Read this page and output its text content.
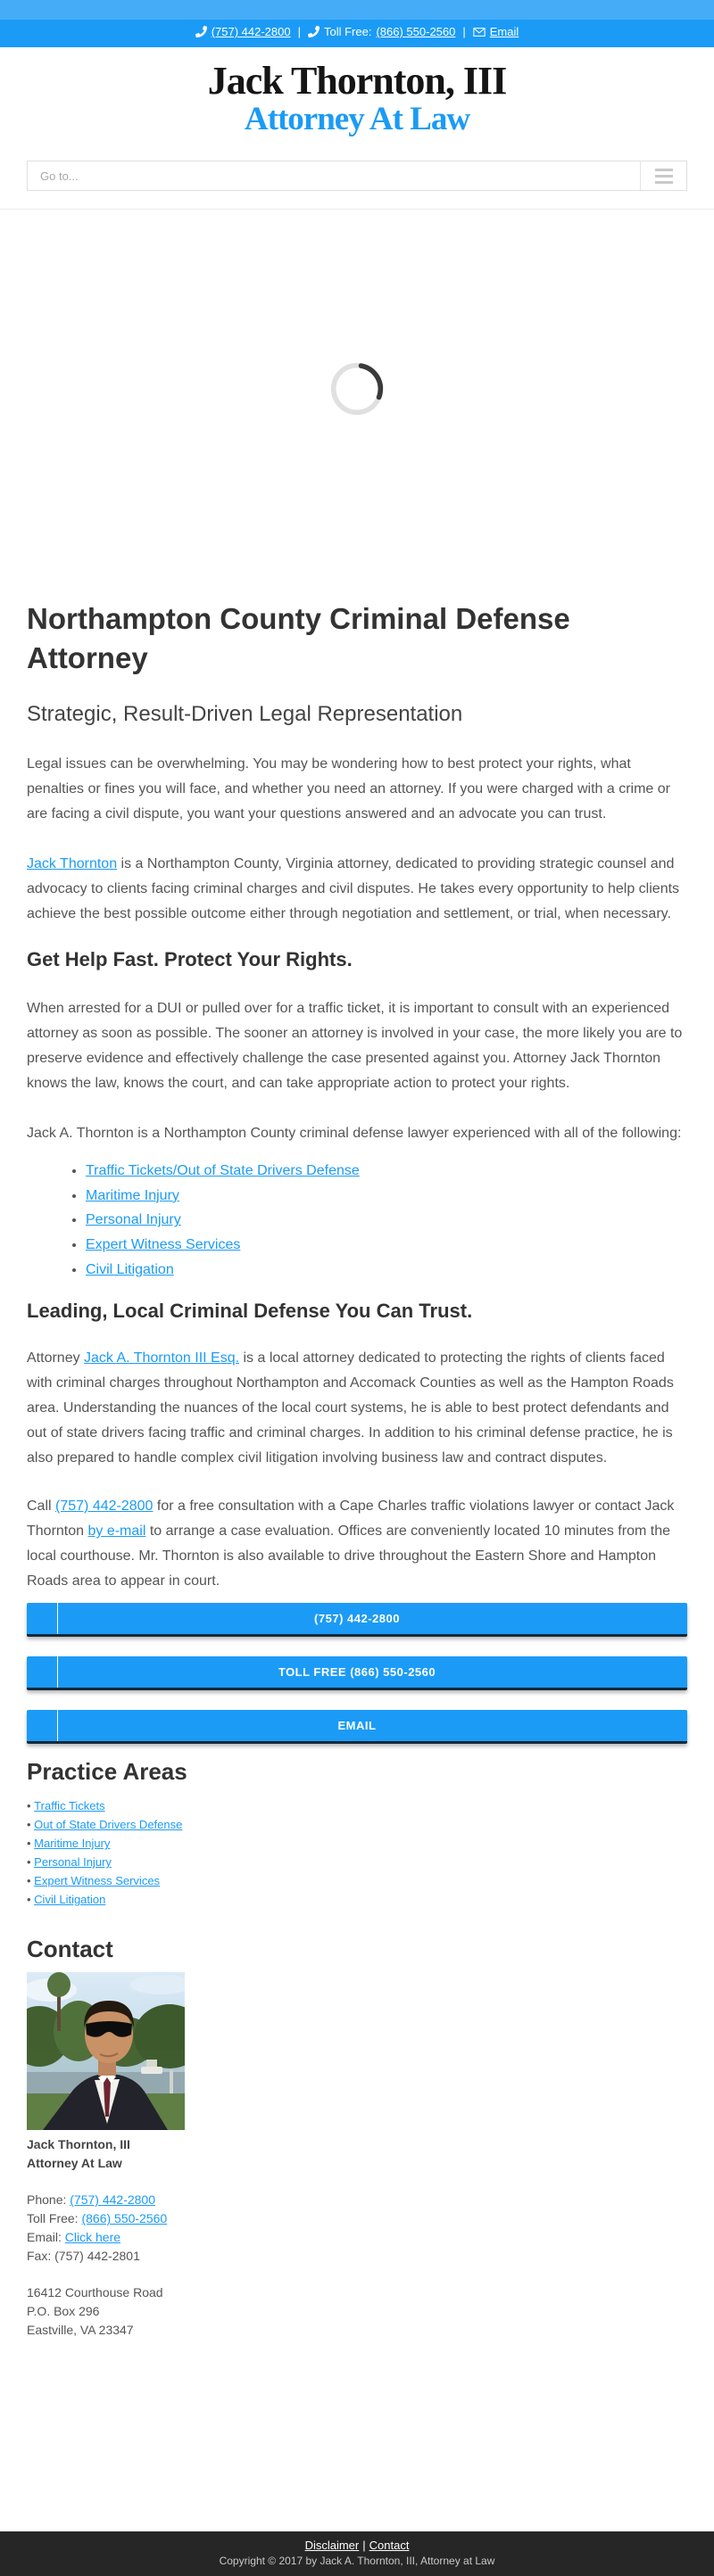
(757) 442-2800 | Toll Free: (866) 550-2560 | Email
Jack Thornton, III
Attorney At Law
Go to...
Northampton County Criminal Defense Attorney
Strategic, Result-Driven Legal Representation

Legal issues can be overwhelming. You may be wondering how to best protect your rights, what penalties or fines you will face, and whether you need an attorney. If you were charged with a crime or are facing a civil dispute, you want your questions answered and an advocate you can trust.

Jack Thornton is a Northampton County, Virginia attorney, dedicated to providing strategic counsel and advocacy to clients facing criminal charges and civil disputes. He takes every opportunity to help clients achieve the best possible outcome either through negotiation and settlement, or trial, when necessary.

Get Help Fast. Protect Your Rights.

When arrested for a DUI or pulled over for a traffic ticket, it is important to consult with an experienced attorney as soon as possible. The sooner an attorney is involved in your case, the more likely you are to preserve evidence and effectively challenge the case presented against you. Attorney Jack Thornton knows the law, knows the court, and can take appropriate action to protect your rights.

Jack A. Thornton is a Northampton County criminal defense lawyer experienced with all of the following:

• Traffic Tickets/Out of State Drivers Defense
• Maritime Injury
• Personal Injury
• Expert Witness Services
• Civil Litigation
Leading, Local Criminal Defense You Can Trust.

Attorney Jack A. Thornton III Esq. is a local attorney dedicated to protecting the rights of clients faced with criminal charges throughout Northampton and Accomack Counties as well as the Hampton Roads area. Understanding the nuances of the local court systems, he is able to best protect defendants and out of state drivers facing traffic and criminal charges. In addition to his criminal defense practice, he is also prepared to handle complex civil litigation involving business law and contract disputes.

Call (757) 442-2800 for a free consultation with a Cape Charles traffic violations lawyer or contact Jack Thornton by e-mail to arrange a case evaluation. Offices are conveniently located 10 minutes from the local courthouse. Mr. Thornton is also available to drive throughout the Eastern Shore and Hampton Roads area to appear in court.

(757) 442-2800
TOLL FREE (866) 550-2560
EMAIL
Practice Areas
• Traffic Tickets
• Out of State Drivers Defense
• Maritime Injury
• Personal Injury
• Expert Witness Services
• Civil Litigation
Contact
Jack Thornton, III
Attorney At Law
Phone: (757) 442-2800
Toll Free: (866) 550-2560
Email: Click here
Fax: (757) 442-2801
16412 Courthouse Road
P.O. Box 296
Eastville, VA 23347
Disclaimer | Contact
Copyright © 2017 by Jack A. Thornton, III, Attorney at Law
